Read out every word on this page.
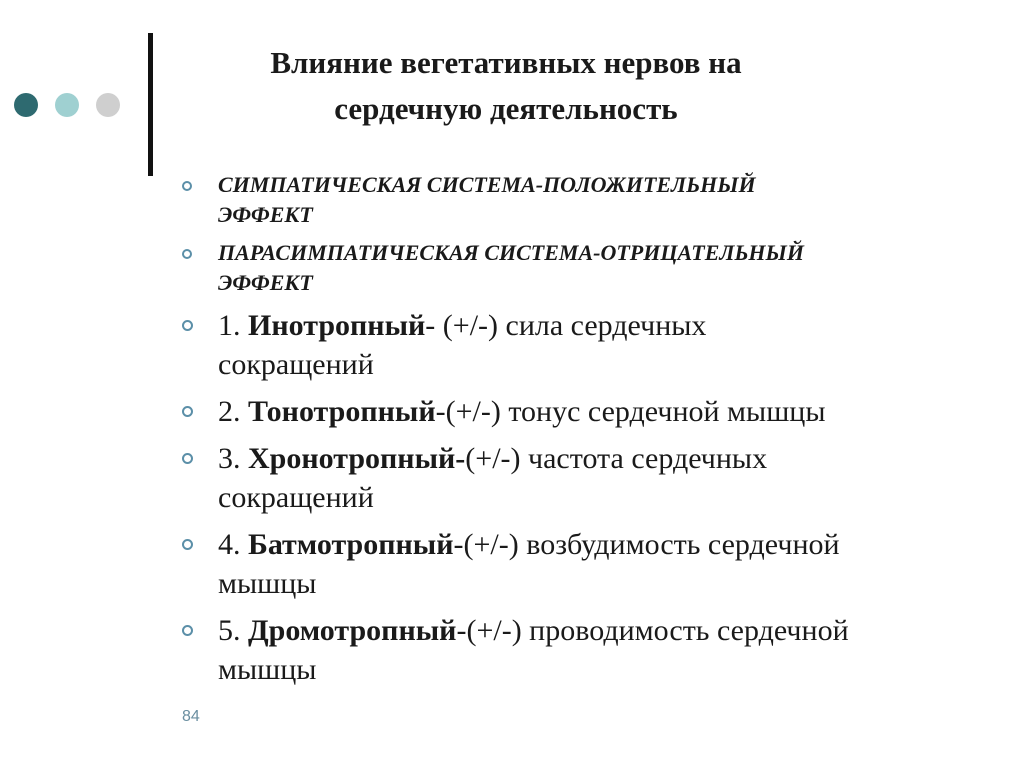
Влияние вегетативных нервов на
сердечную деятельность
СИМПАТИЧЕСКАЯ СИСТЕМА-ПОЛОЖИТЕЛЬНЫЙ
ЭФФЕКТ
ПАРАСИМПАТИЧЕСКАЯ СИСТЕМА-ОТРИЦАТЕЛЬНЫЙ
ЭФФЕКТ
1. Инотропный- (+/-) сила сердечных
сокращений
2. Тонотропный-(+/-) тонус сердечной мышцы
3. Хронотропный-(+/-) частота сердечных
сокращений
4. Батмотропный-(+/-) возбудимость сердечной
мышцы
5. Дромотропный-(+/-) проводимость сердечной
мышцы
84
